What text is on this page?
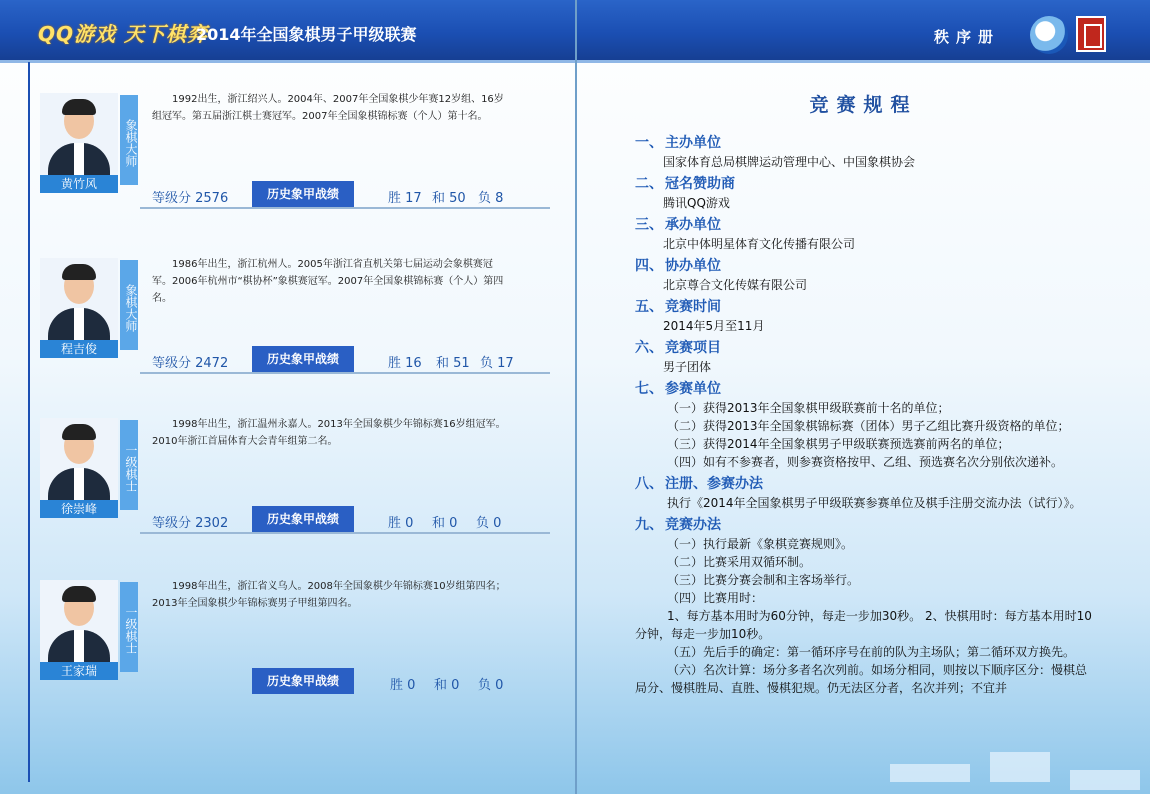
QQ游戏 天下棋弈
2014年全国象棋男子甲级联赛
黄竹风
象棋大师
1992出生，浙江绍兴人。2004年、2007年全国象棋少年赛12岁组、16岁组冠军。第五届浙江棋士赛冠军。2007年全国象棋锦标赛（个人）第十名。
等级分 2576	历史象甲战绩	胜 17 和 50 负 8
程吉俊
象棋大师
1986年出生，浙江杭州人。2005年浙江省直机关第七届运动会象棋赛冠军。2006年杭州市“棋协杯”象棋赛冠军。2007年全国象棋锦标赛（个人）第四名。
等级分 2472	历史象甲战绩	胜 16 和 51 负 17
徐崇峰
一级棋士
1998年出生，浙江温州永嘉人。2013年全国象棋少年锦标赛16岁组冠军。2010年浙江首届体育大会青年组第二名。
等级分 2302	历史象甲战绩	胜 0 和 0 负 0
王家瑞
一级棋士
1998年出生，浙江省义乌人。2008年全国象棋少年锦标赛10岁组第四名；2013年全国象棋少年锦标赛男子甲组第四名。
历史象甲战绩	胜 0 和 0 负 0
秩序册
竞赛规程
一、 主办单位
国家体育总局棋牌运动管理中心、中国象棋协会
二、 冠名赞助商
腾讯QQ游戏
三、 承办单位
北京中体明星体育文化传播有限公司
四、 协办单位
北京尊合文化传媒有限公司
五、 竞赛时间
2014年5月至11月
六、 竞赛项目
男子团体
七、 参赛单位
（一）获得2013年全国象棋甲级联赛前十名的单位；
（二）获得2013年全国象棋锦标赛（团体）男子乙组比赛升级资格的单位；
（三）获得2014年全国象棋男子甲级联赛预选赛前两名的单位；
（四）如有不参赛者，则参赛资格按甲、乙组、预选赛名次分别依次递补。
八、 注册、参赛办法
执行《2014年全国象棋男子甲级联赛参赛单位及棋手注册交流办法（试行）》。
九、 竞赛办法
（一）执行最新《象棋竞赛规则》。
（二）比赛采用双循环制。
（三）比赛分赛会制和主客场举行。
（四）比赛用时：
1、每方基本用时为60分钟，每走一步加30秒。 2、快棋用时：每方基本用时10分钟，每走一步加10秒。
（五）先后手的确定：第一循环序号在前的队为主场队；第二循环双方换先。
（六）名次计算：场分多者名次列前。如场分相同，则按以下顺序区分：慢棋总局分、慢棋胜局、直胜、慢棋犯规。仍无法区分者，名次并列；不宜并
